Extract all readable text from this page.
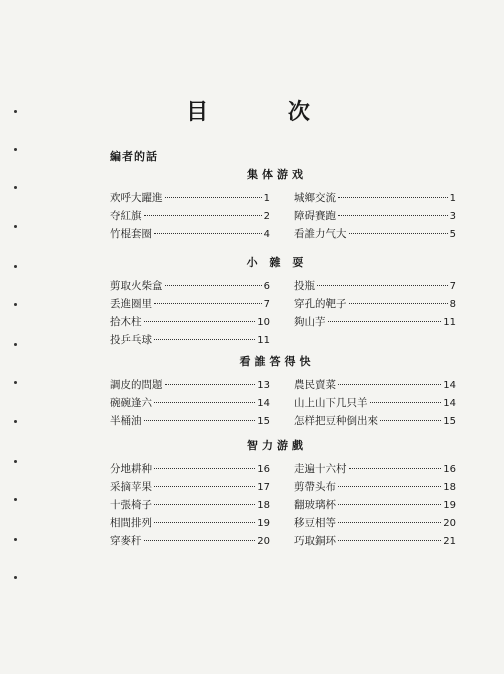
目 次
編者的話
集体游戏
欢呼大躍進	1 城鄉交流	1
夺紅旗	2 障碍賽跑	3
竹棍套圈	4 看誰力气大	5
小 雜 耍
剪取火柴盒	6 投瓶	7
丢進圈里	7 穿孔的靶子	8
拾木柱	10 夠山芋	11
投乒乓球	11
看誰答得快
調皮的問題	13 農民賣菜	14
碗碗逢六	14 山上山下几只羊	14
半桶油	15 怎样把豆种倒出來	15
智力游戲
分地耕种	16 走遍十六村	16
采摘苹果	17 剪帶头布	18
十張椅子	18 翻玻璃杯	19
相間排列	19 移豆相等	20
穿麥秆	20 巧取銅环	21
